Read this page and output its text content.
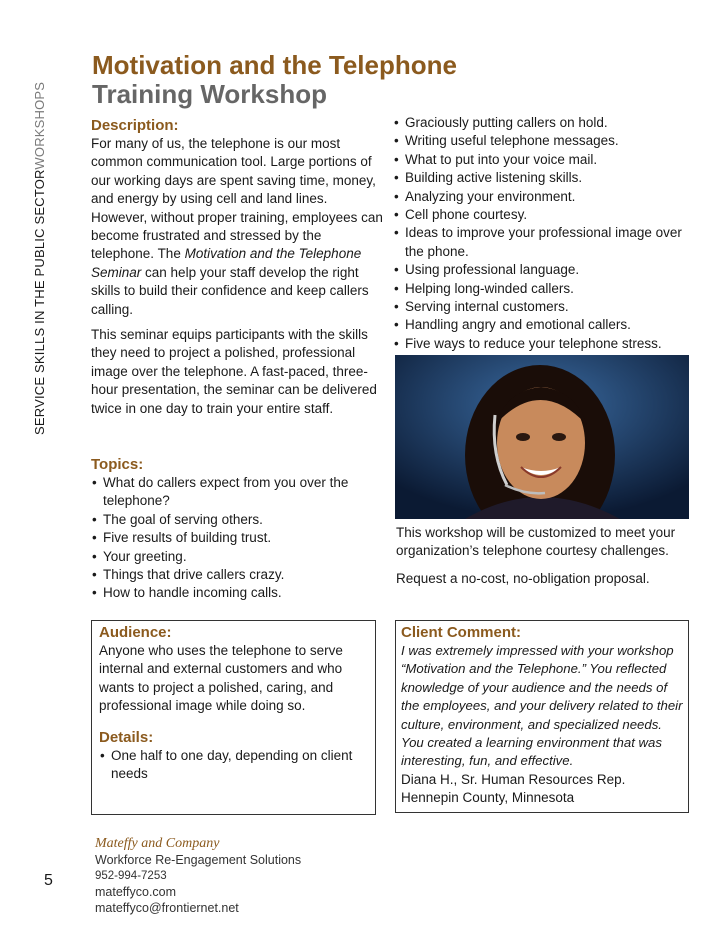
SERVICE SKILLS IN THE PUBLIC SECTORWORKSHOPS
Motivation and the Telephone
Training Workshop
Description:
For many of us, the telephone is our most common communication tool. Large portions of our working days are spent saving time, money, and energy by using cell and land lines. However, without proper training, employees can become frustrated and stressed by the telephone. The Motivation and the Telephone Seminar can help your staff develop the right skills to build their confidence and keep callers calling.
This seminar equips participants with the skills they need to project a polished, professional image over the telephone. A fast-paced, three-hour presentation, the seminar can be delivered twice in one day to train your entire staff.
• Graciously putting callers on hold.
• Writing useful telephone messages.
• What to put into your voice mail.
• Building active listening skills.
• Analyzing your environment.
• Cell phone courtesy.
• Ideas to improve your professional image over the phone.
• Using professional language.
• Helping long-winded callers.
• Serving internal customers.
• Handling angry and emotional callers.
• Five ways to reduce your telephone stress.
Topics:
• What do callers expect from you over the telephone?
• The goal of serving others.
• Five results of building trust.
• Your greeting.
• Things that drive callers crazy.
• How to handle incoming calls.
This workshop will be customized to meet your organization’s telephone courtesy challenges.
Request a no-cost, no-obligation proposal.
Audience:
Anyone who uses the telephone to serve internal and external customers and who wants to project a polished, caring, and professional image while doing so.
Details:
• One half to one day, depending on client needs
Client Comment:
I was extremely impressed with your workshop “Motivation and the Telephone.” You reflected knowledge of your audience and the needs of the employees, and your delivery related to their culture, environment, and specialized needs. You created a learning environment that was interesting, fun, and effective.
Diana H., Sr. Human Resources Rep.
Hennepin County, Minnesota
Mateffy and Company
Workforce Re-Engagement Solutions
952-994-7253
mateffyco.com
mateffyco@frontiernet.net
5
